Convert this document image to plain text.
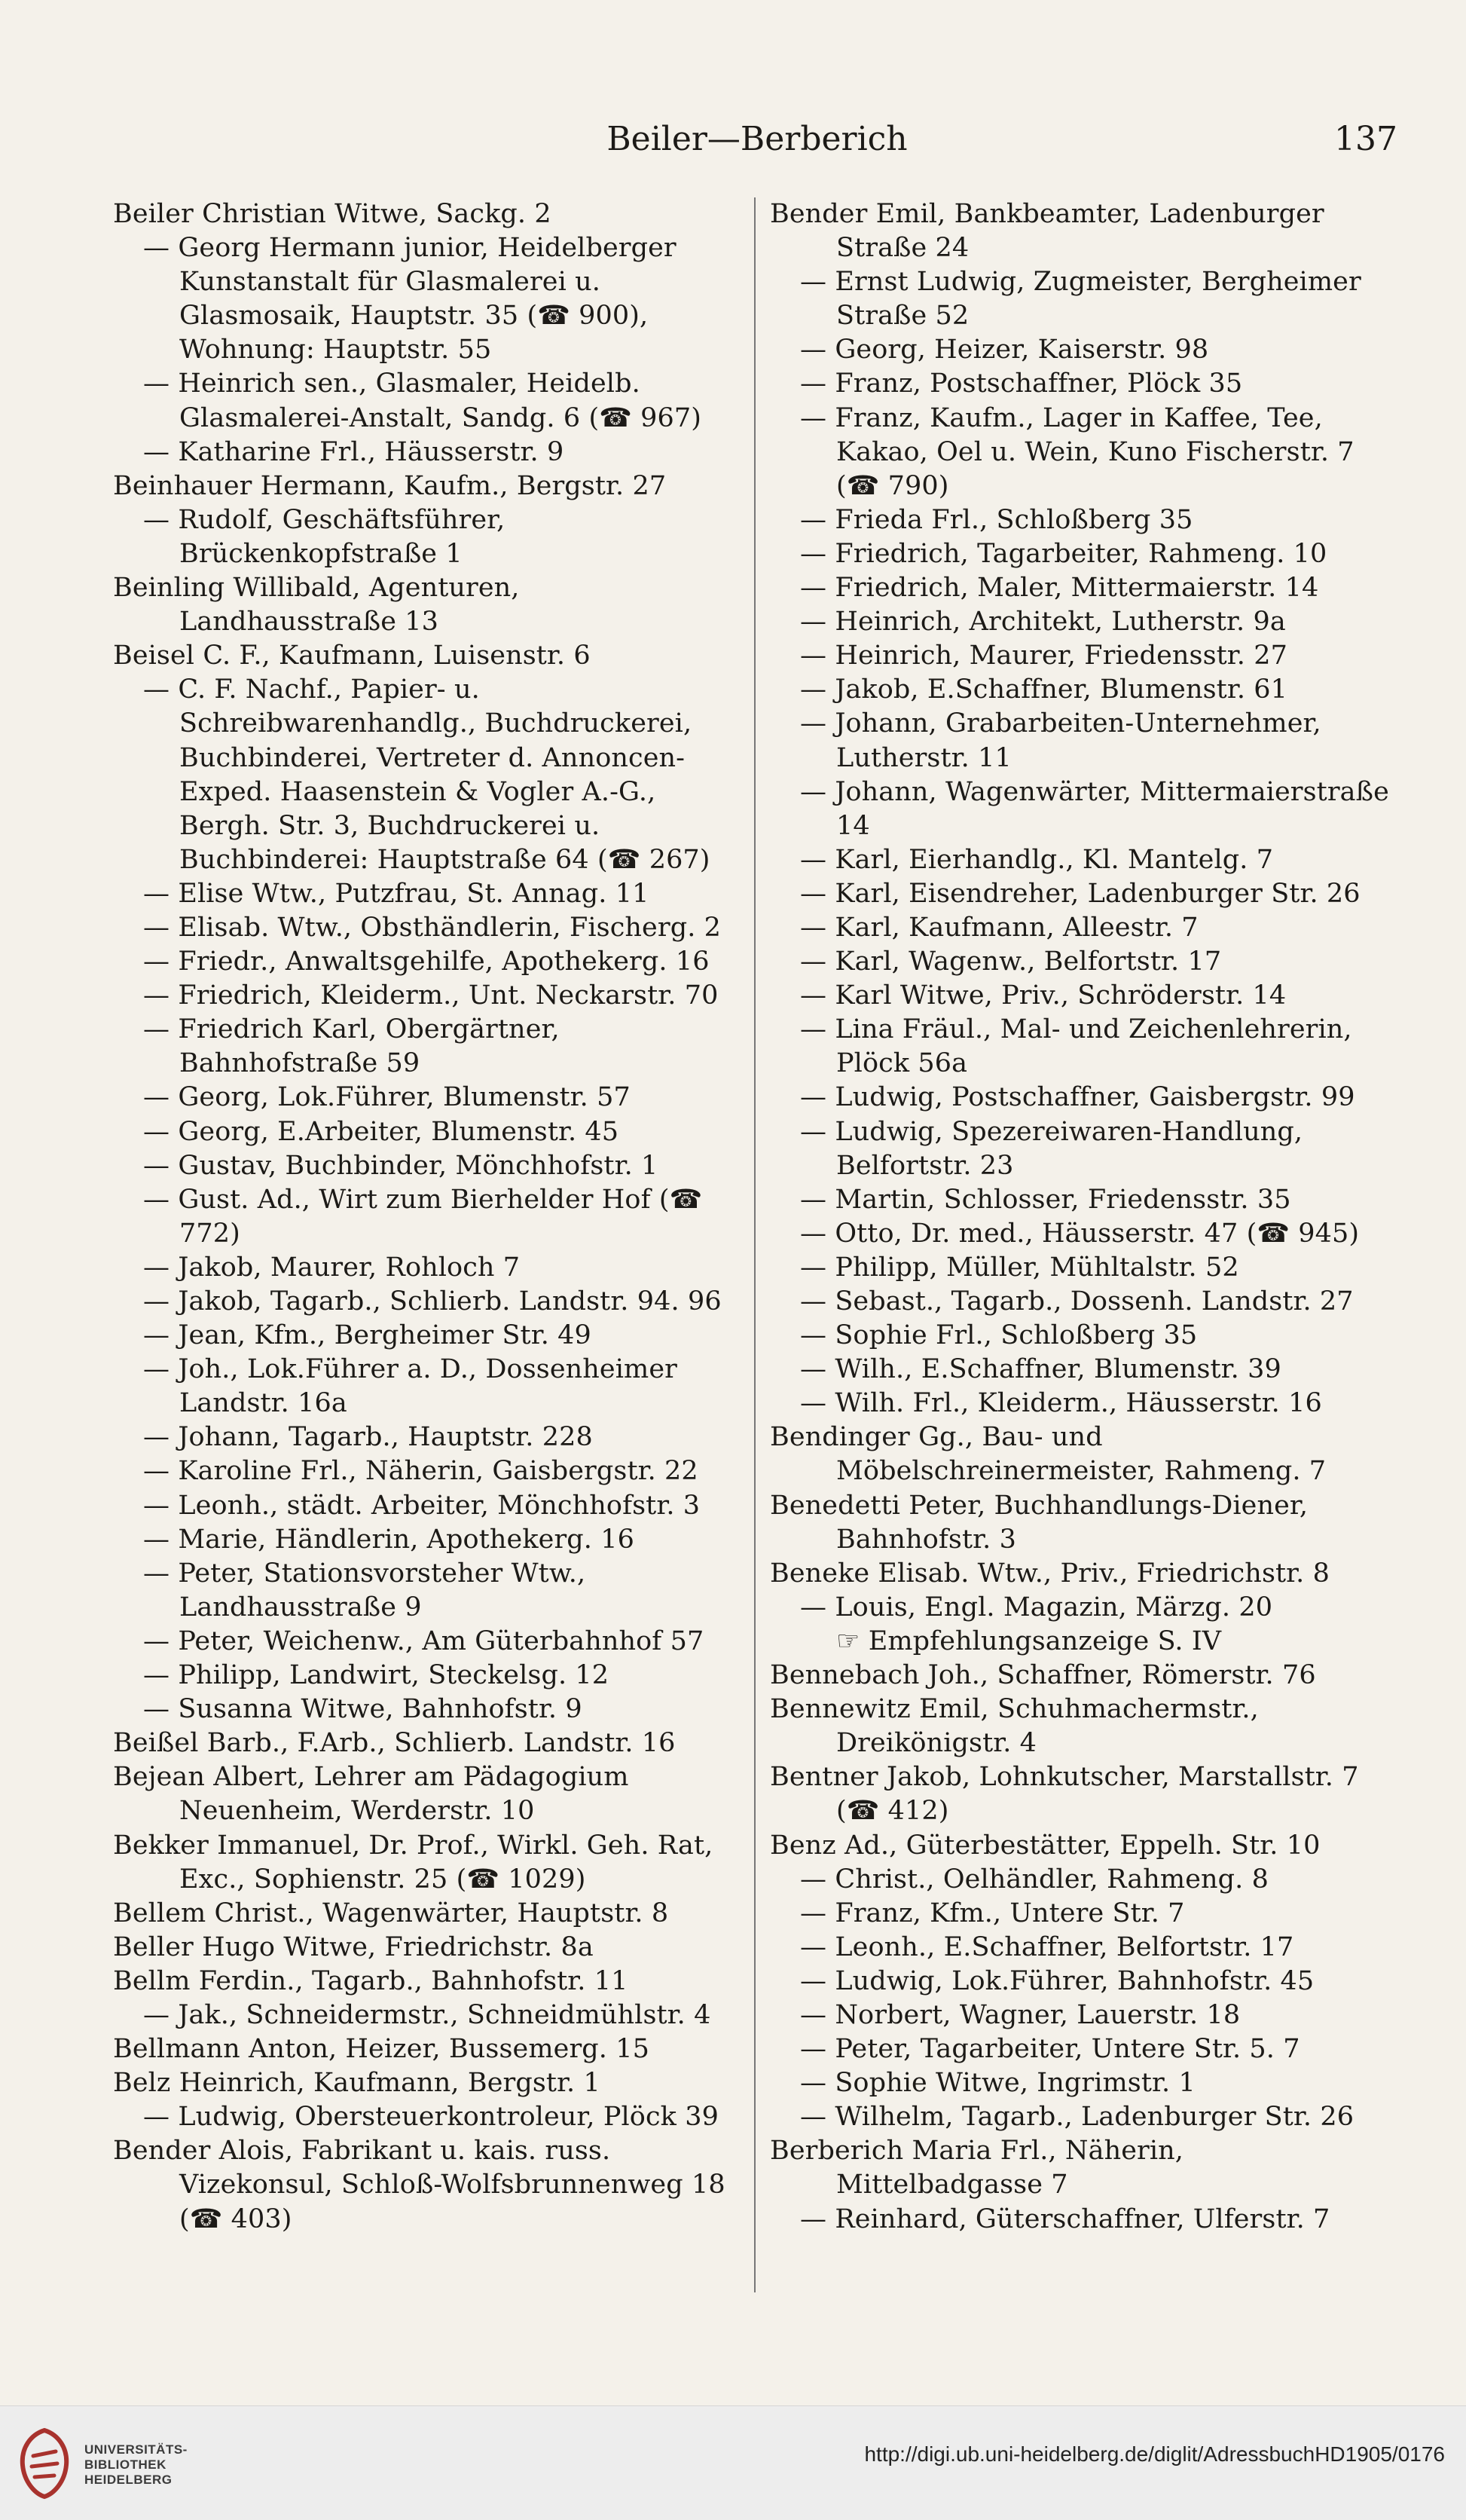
Beiler—Berberich	137
Beiler Christian Witwe, Sackg. 2
— Georg Hermann junior, Heidelberger Kunstanstalt für Glasmalerei u. Glasmosaik, Hauptstr. 35 (☎ 900), Wohnung: Hauptstr. 55
— Heinrich sen., Glasmaler, Heidelb. Glasmalerei-Anstalt, Sandg. 6 (☎ 967)
— Katharine Frl., Häusserstr. 9
Beinhauer Hermann, Kaufm., Bergstr. 27
— Rudolf, Geschäftsführer, Brückenkopfstraße 1
Beinling Willibald, Agenturen, Landhausstraße 13
Beisel C. F., Kaufmann, Luisenstr. 6
— C. F. Nachf., Papier- u. Schreibwarenhandlg., Buchdruckerei, Buchbinderei, Vertreter d. Annoncen-Exped. Haasenstein & Vogler A.-G., Bergh. Str. 3, Buchdruckerei u. Buchbinderei: Hauptstraße 64 (☎ 267)
— Elise Wtw., Putzfrau, St. Annag. 11
— Elisab. Wtw., Obsthändlerin, Fischerg. 2
— Friedr., Anwaltsgehilfe, Apothekerg. 16
— Friedrich, Kleiderm., Unt. Neckarstr. 70
— Friedrich Karl, Obergärtner, Bahnhofstraße 59
— Georg, Lok.Führer, Blumenstr. 57
— Georg, E.Arbeiter, Blumenstr. 45
— Gustav, Buchbinder, Mönchhofstr. 1
— Gust. Ad., Wirt zum Bierhelder Hof (☎ 772)
— Jakob, Maurer, Rohloch 7
— Jakob, Tagarb., Schlierb. Landstr. 94. 96
— Jean, Kfm., Bergheimer Str. 49
— Joh., Lok.Führer a. D., Dossenheimer Landstr. 16a
— Johann, Tagarb., Hauptstr. 228
— Karoline Frl., Näherin, Gaisbergstr. 22
— Leonh., städt. Arbeiter, Mönchhofstr. 3
— Marie, Händlerin, Apothekerg. 16
— Peter, Stationsvorsteher Wtw., Landhausstraße 9
— Peter, Weichenw., Am Güterbahnhof 57
— Philipp, Landwirt, Steckelsg. 12
— Susanna Witwe, Bahnhofstr. 9
Beißel Barb., F.Arb., Schlierb. Landstr. 16
Bejean Albert, Lehrer am Pädagogium Neuenheim, Werderstr. 10
Bekker Immanuel, Dr. Prof., Wirkl. Geh. Rat, Exc., Sophienstr. 25 (☎ 1029)
Bellem Christ., Wagenwärter, Hauptstr. 8
Beller Hugo Witwe, Friedrichstr. 8a
Bellm Ferdin., Tagarb., Bahnhofstr. 11
— Jak., Schneidermstr., Schneidmühlstr. 4
Bellmann Anton, Heizer, Bussemerg. 15
Belz Heinrich, Kaufmann, Bergstr. 1
— Ludwig, Obersteuerkontroleur, Plöck 39
Bender Alois, Fabrikant u. kais. russ. Vizekonsul, Schloß-Wolfsbrunnenweg 18 (☎ 403)
Bender Emil, Bankbeamter, Ladenburger Straße 24
— Ernst Ludwig, Zugmeister, Bergheimer Straße 52
— Georg, Heizer, Kaiserstr. 98
— Franz, Postschaffner, Plöck 35
— Franz, Kaufm., Lager in Kaffee, Tee, Kakao, Oel u. Wein, Kuno Fischerstr. 7 (☎ 790)
— Frieda Frl., Schloßberg 35
— Friedrich, Tagarbeiter, Rahmeng. 10
— Friedrich, Maler, Mittermaierstr. 14
— Heinrich, Architekt, Lutherstr. 9a
— Heinrich, Maurer, Friedensstr. 27
— Jakob, E.Schaffner, Blumenstr. 61
— Johann, Grabarbeiten-Unternehmer, Lutherstr. 11
— Johann, Wagenwärter, Mittermaierstraße 14
— Karl, Eierhandlg., Kl. Mantelg. 7
— Karl, Eisendreher, Ladenburger Str. 26
— Karl, Kaufmann, Alleestr. 7
— Karl, Wagenw., Belfortstr. 17
— Karl Witwe, Priv., Schröderstr. 14
— Lina Fräul., Mal- und Zeichenlehrerin, Plöck 56a
— Ludwig, Postschaffner, Gaisbergstr. 99
— Ludwig, Spezereiwaren-Handlung, Belfortstr. 23
— Martin, Schlosser, Friedensstr. 35
— Otto, Dr. med., Häusserstr. 47 (☎ 945)
— Philipp, Müller, Mühltalstr. 52
— Sebast., Tagarb., Dossenh. Landstr. 27
— Sophie Frl., Schloßberg 35
— Wilh., E.Schaffner, Blumenstr. 39
— Wilh. Frl., Kleiderm., Häusserstr. 16
Bendinger Gg., Bau- und Möbelschreinermeister, Rahmeng. 7
Benedetti Peter, Buchhandlungs-Diener, Bahnhofstr. 3
Beneke Elisab. Wtw., Priv., Friedrichstr. 8
— Louis, Engl. Magazin, Märzg. 20
☞ Empfehlungsanzeige S. IV
Bennebach Joh., Schaffner, Römerstr. 76
Bennewitz Emil, Schuhmachermstr., Dreikönigstr. 4
Bentner Jakob, Lohnkutscher, Marstallstr. 7 (☎ 412)
Benz Ad., Güterbestätter, Eppelh. Str. 10
— Christ., Oelhändler, Rahmeng. 8
— Franz, Kfm., Untere Str. 7
— Leonh., E.Schaffner, Belfortstr. 17
— Ludwig, Lok.Führer, Bahnhofstr. 45
— Norbert, Wagner, Lauerstr. 18
— Peter, Tagarbeiter, Untere Str. 5. 7
— Sophie Witwe, Ingrimstr. 1
— Wilhelm, Tagarb., Ladenburger Str. 26
Berberich Maria Frl., Näherin, Mittelbadgasse 7
— Reinhard, Güterschaffner, Ulferstr. 7
UNIVERSITÄTS-
BIBLIOTHEK
HEIDELBERG
http://digi.ub.uni-heidelberg.de/diglit/AdressbuchHD1905/0176
